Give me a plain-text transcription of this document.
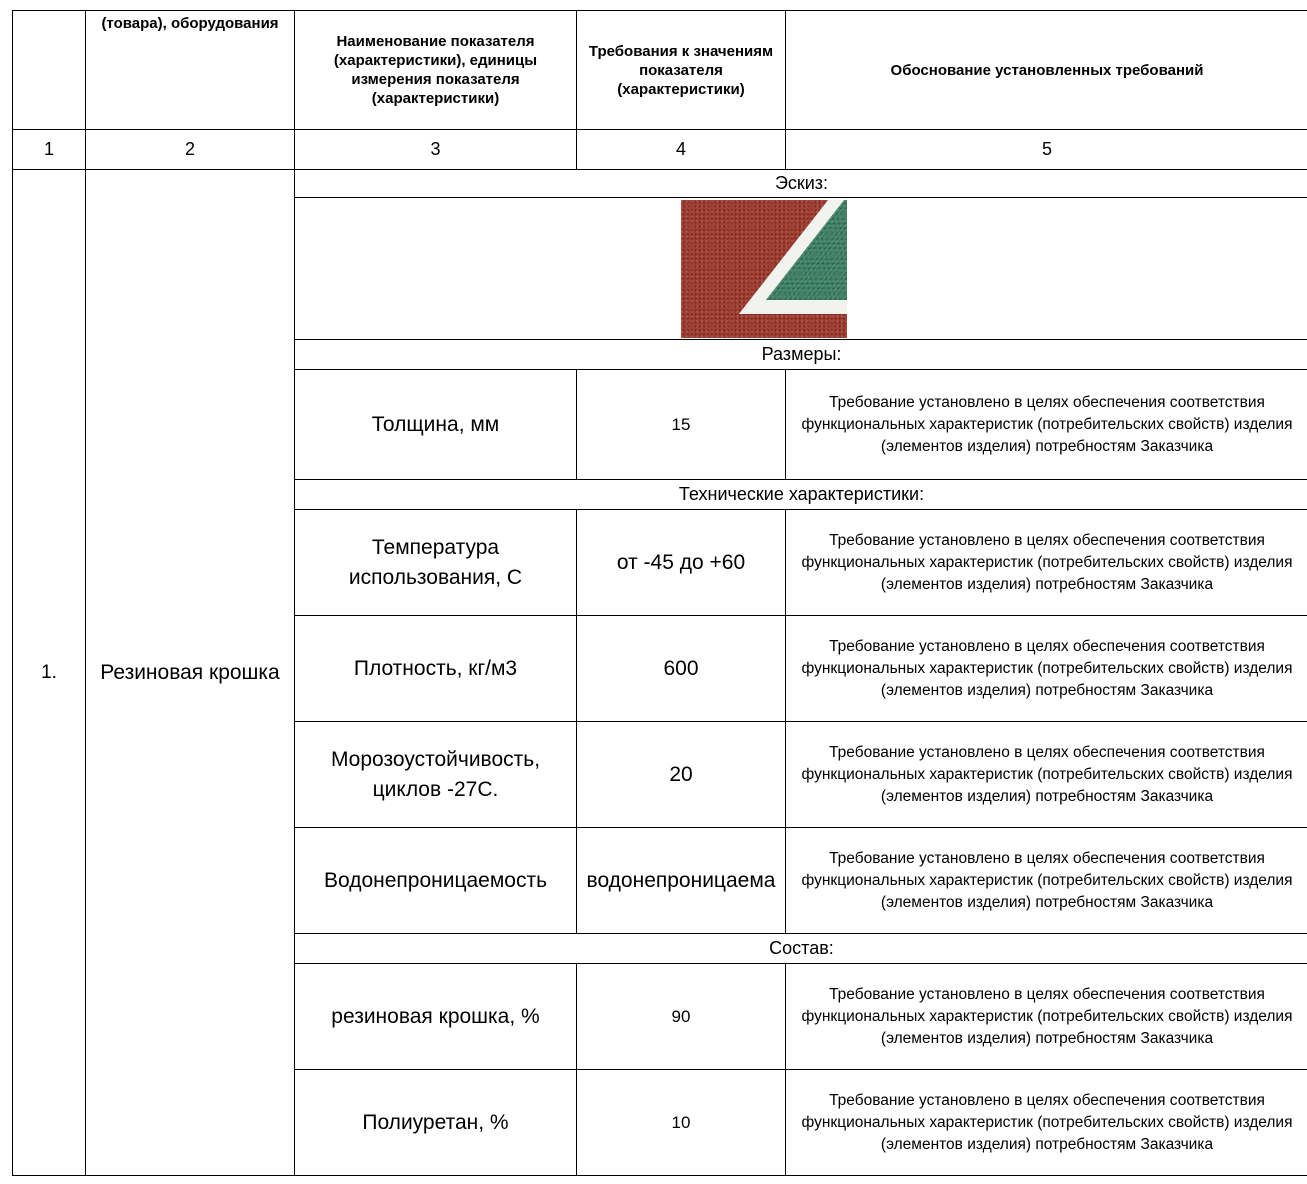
	(товара), оборудования	Наименование показателя (характеристики), единицы измерения показателя (характеристики)	Требования к значениям показателя (характеристики)	Обоснование установленных требований
1	2	3	4	5
1.	Резиновая крошка	Эскиз:		

		Размеры:		
		Толщина, мм	15	Требование установлено в целях обеспечения соответствия функциональных характеристик (потребительских свойств) изделия (элементов изделия) потребностям Заказчика
		Технические характеристики:		
		Температура использования, С	от -45 до +60	Требование установлено в целях обеспечения соответствия функциональных характеристик (потребительских свойств) изделия (элементов изделия) потребностям Заказчика
		Плотность, кг/м3	600	Требование установлено в целях обеспечения соответствия функциональных характеристик (потребительских свойств) изделия (элементов изделия) потребностям Заказчика
		Морозоустойчивость, циклов -27С.	20	Требование установлено в целях обеспечения соответствия функциональных характеристик (потребительских свойств) изделия (элементов изделия) потребностям Заказчика
		Водонепроницаемость	водонепроницаема	Требование установлено в целях обеспечения соответствия функциональных характеристик (потребительских свойств) изделия (элементов изделия) потребностям Заказчика
		Состав:		
		резиновая крошка, %	90	Требование установлено в целях обеспечения соответствия функциональных характеристик (потребительских свойств) изделия (элементов изделия) потребностям Заказчика
		Полиуретан, %	10	Требование установлено в целях обеспечения соответствия функциональных характеристик (потребительских свойств) изделия (элементов изделия) потребностям Заказчика
